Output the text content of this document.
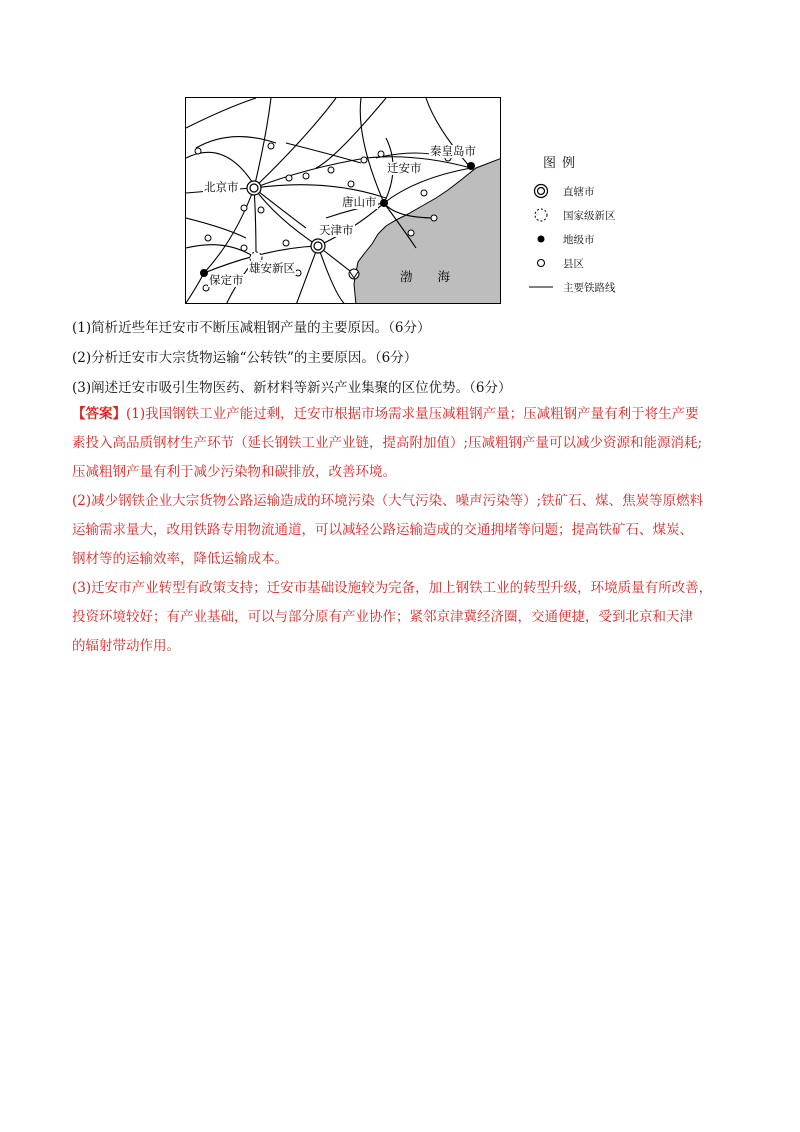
秦皇岛市
迁安市
北京市
唐山市
天津市
雄安新区
保定市	渤　　海
图例
直辖市
国家级新区
地级市
县区
主要铁路线
(1)简析近些年迁安市不断压减粗钢产量的主要原因。（6分）
(2)分析迁安市大宗货物运输“公转铁”的主要原因。（6分）
(3)阐述迁安市吸引生物医药、新材料等新兴产业集聚的区位优势。（6分）
【答案】(1)我国钢铁工业产能过剩，迁安市根据市场需求量压减粗钢产量；压减粗钢产量有利于将生产要
素投入高品质钢材生产环节（延长钢铁工业产业链，提高附加值）;压减粗钢产量可以减少资源和能源消耗;
压减粗钢产量有利于减少污染物和碳排放，改善环境。
(2)减少钢铁企业大宗货物公路运输造成的环境污染（大气污染、噪声污染等）;铁矿石、煤、焦炭等原燃料
运输需求量大，改用铁路专用物流通道，可以减轻公路运输造成的交通拥堵等问题；提高铁矿石、煤炭、
钢材等的运输效率，降低运输成本。
(3)迁安市产业转型有政策支持；迁安市基础设施较为完备，加上钢铁工业的转型升级，环境质量有所改善，
投资环境较好；有产业基础，可以与部分原有产业协作；紧邻京津冀经济圈，交通便捷，受到北京和天津
的辐射带动作用。
